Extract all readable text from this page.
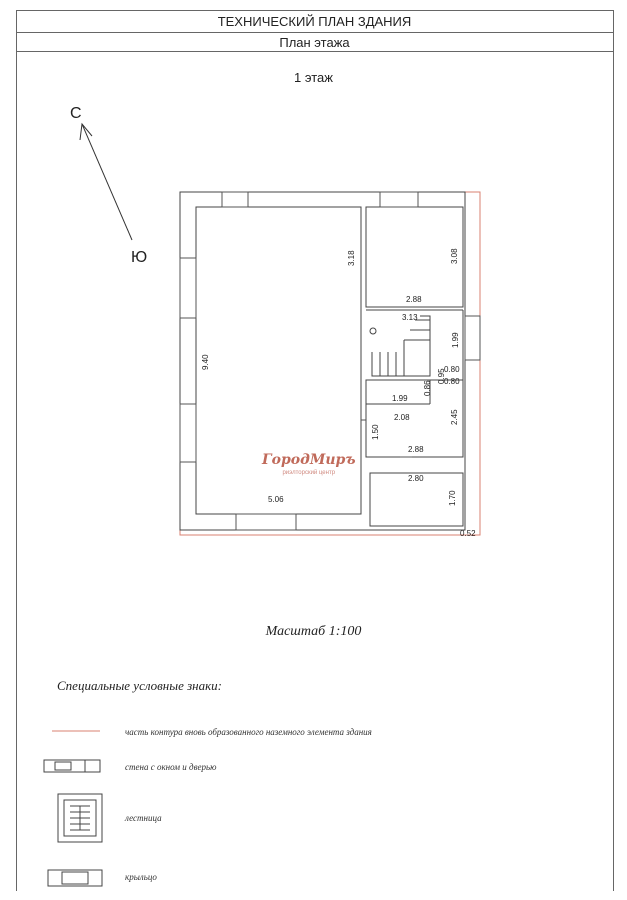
ТЕХНИЧЕСКИЙ ПЛАН ЗДАНИЯ
План этажа
1 этаж
С
Ю
9.40
3.18	3.08
2.88
3.13
1.99
0.80
0.95
0.86 0.80
1.99
2.08	2.45
1.50
2.88
2.80
1.70
5.06
0.52
ГородМиръ
риэлторский центр
Масштаб 1:100
Специальные условные знаки:
часть контура вновь образованного наземного элемента здания
стена с окном и дверью
лестница
крыльцо
